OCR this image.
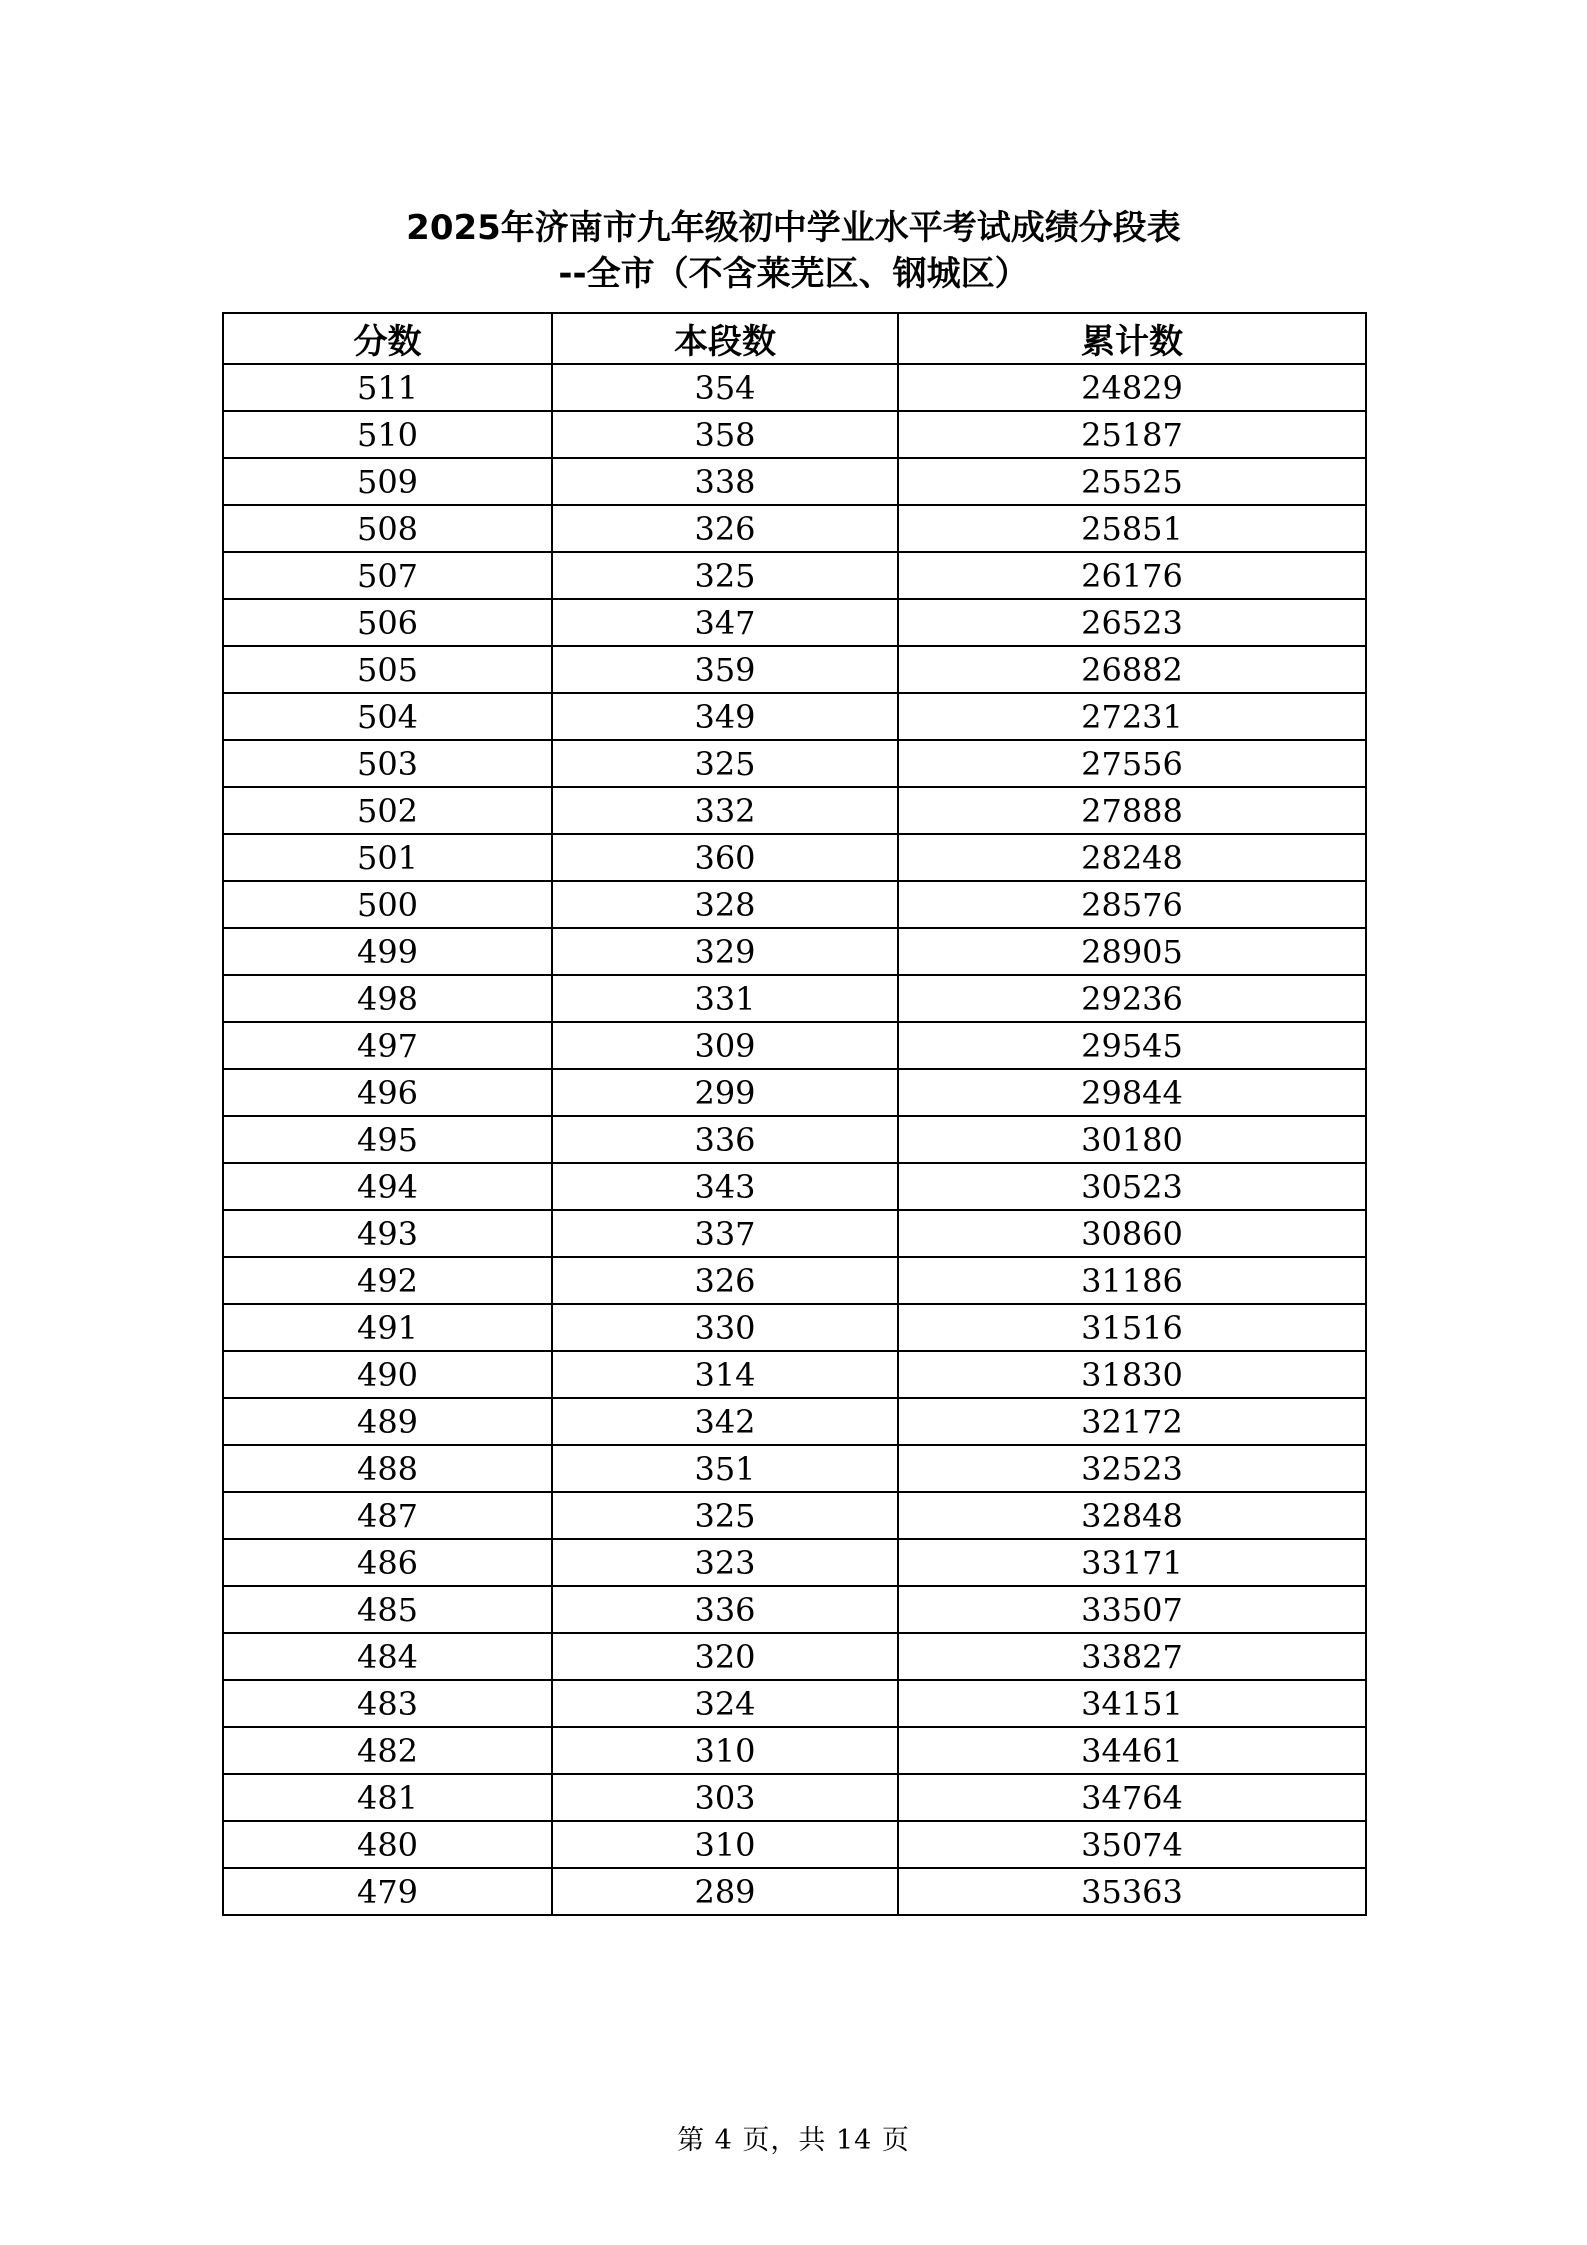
2025年济南市九年级初中学业水平考试成绩分段表

--全市（不含莱芜区、钢城区）

分数	本段数	累计数
511	354	24829
510	358	25187
509	338	25525
508	326	25851
507	325	26176
506	347	26523
505	359	26882
504	349	27231
503	325	27556
502	332	27888
501	360	28248
500	328	28576
499	329	28905
498	331	29236
497	309	29545
496	299	29844
495	336	30180
494	343	30523
493	337	30860
492	326	31186
491	330	31516
490	314	31830
489	342	32172
488	351	32523
487	325	32848
486	323	33171
485	336	33507
484	320	33827
483	324	34151
482	310	34461
481	303	34764
480	310	35074
479	289	35363
第 4 页，共 14 页
